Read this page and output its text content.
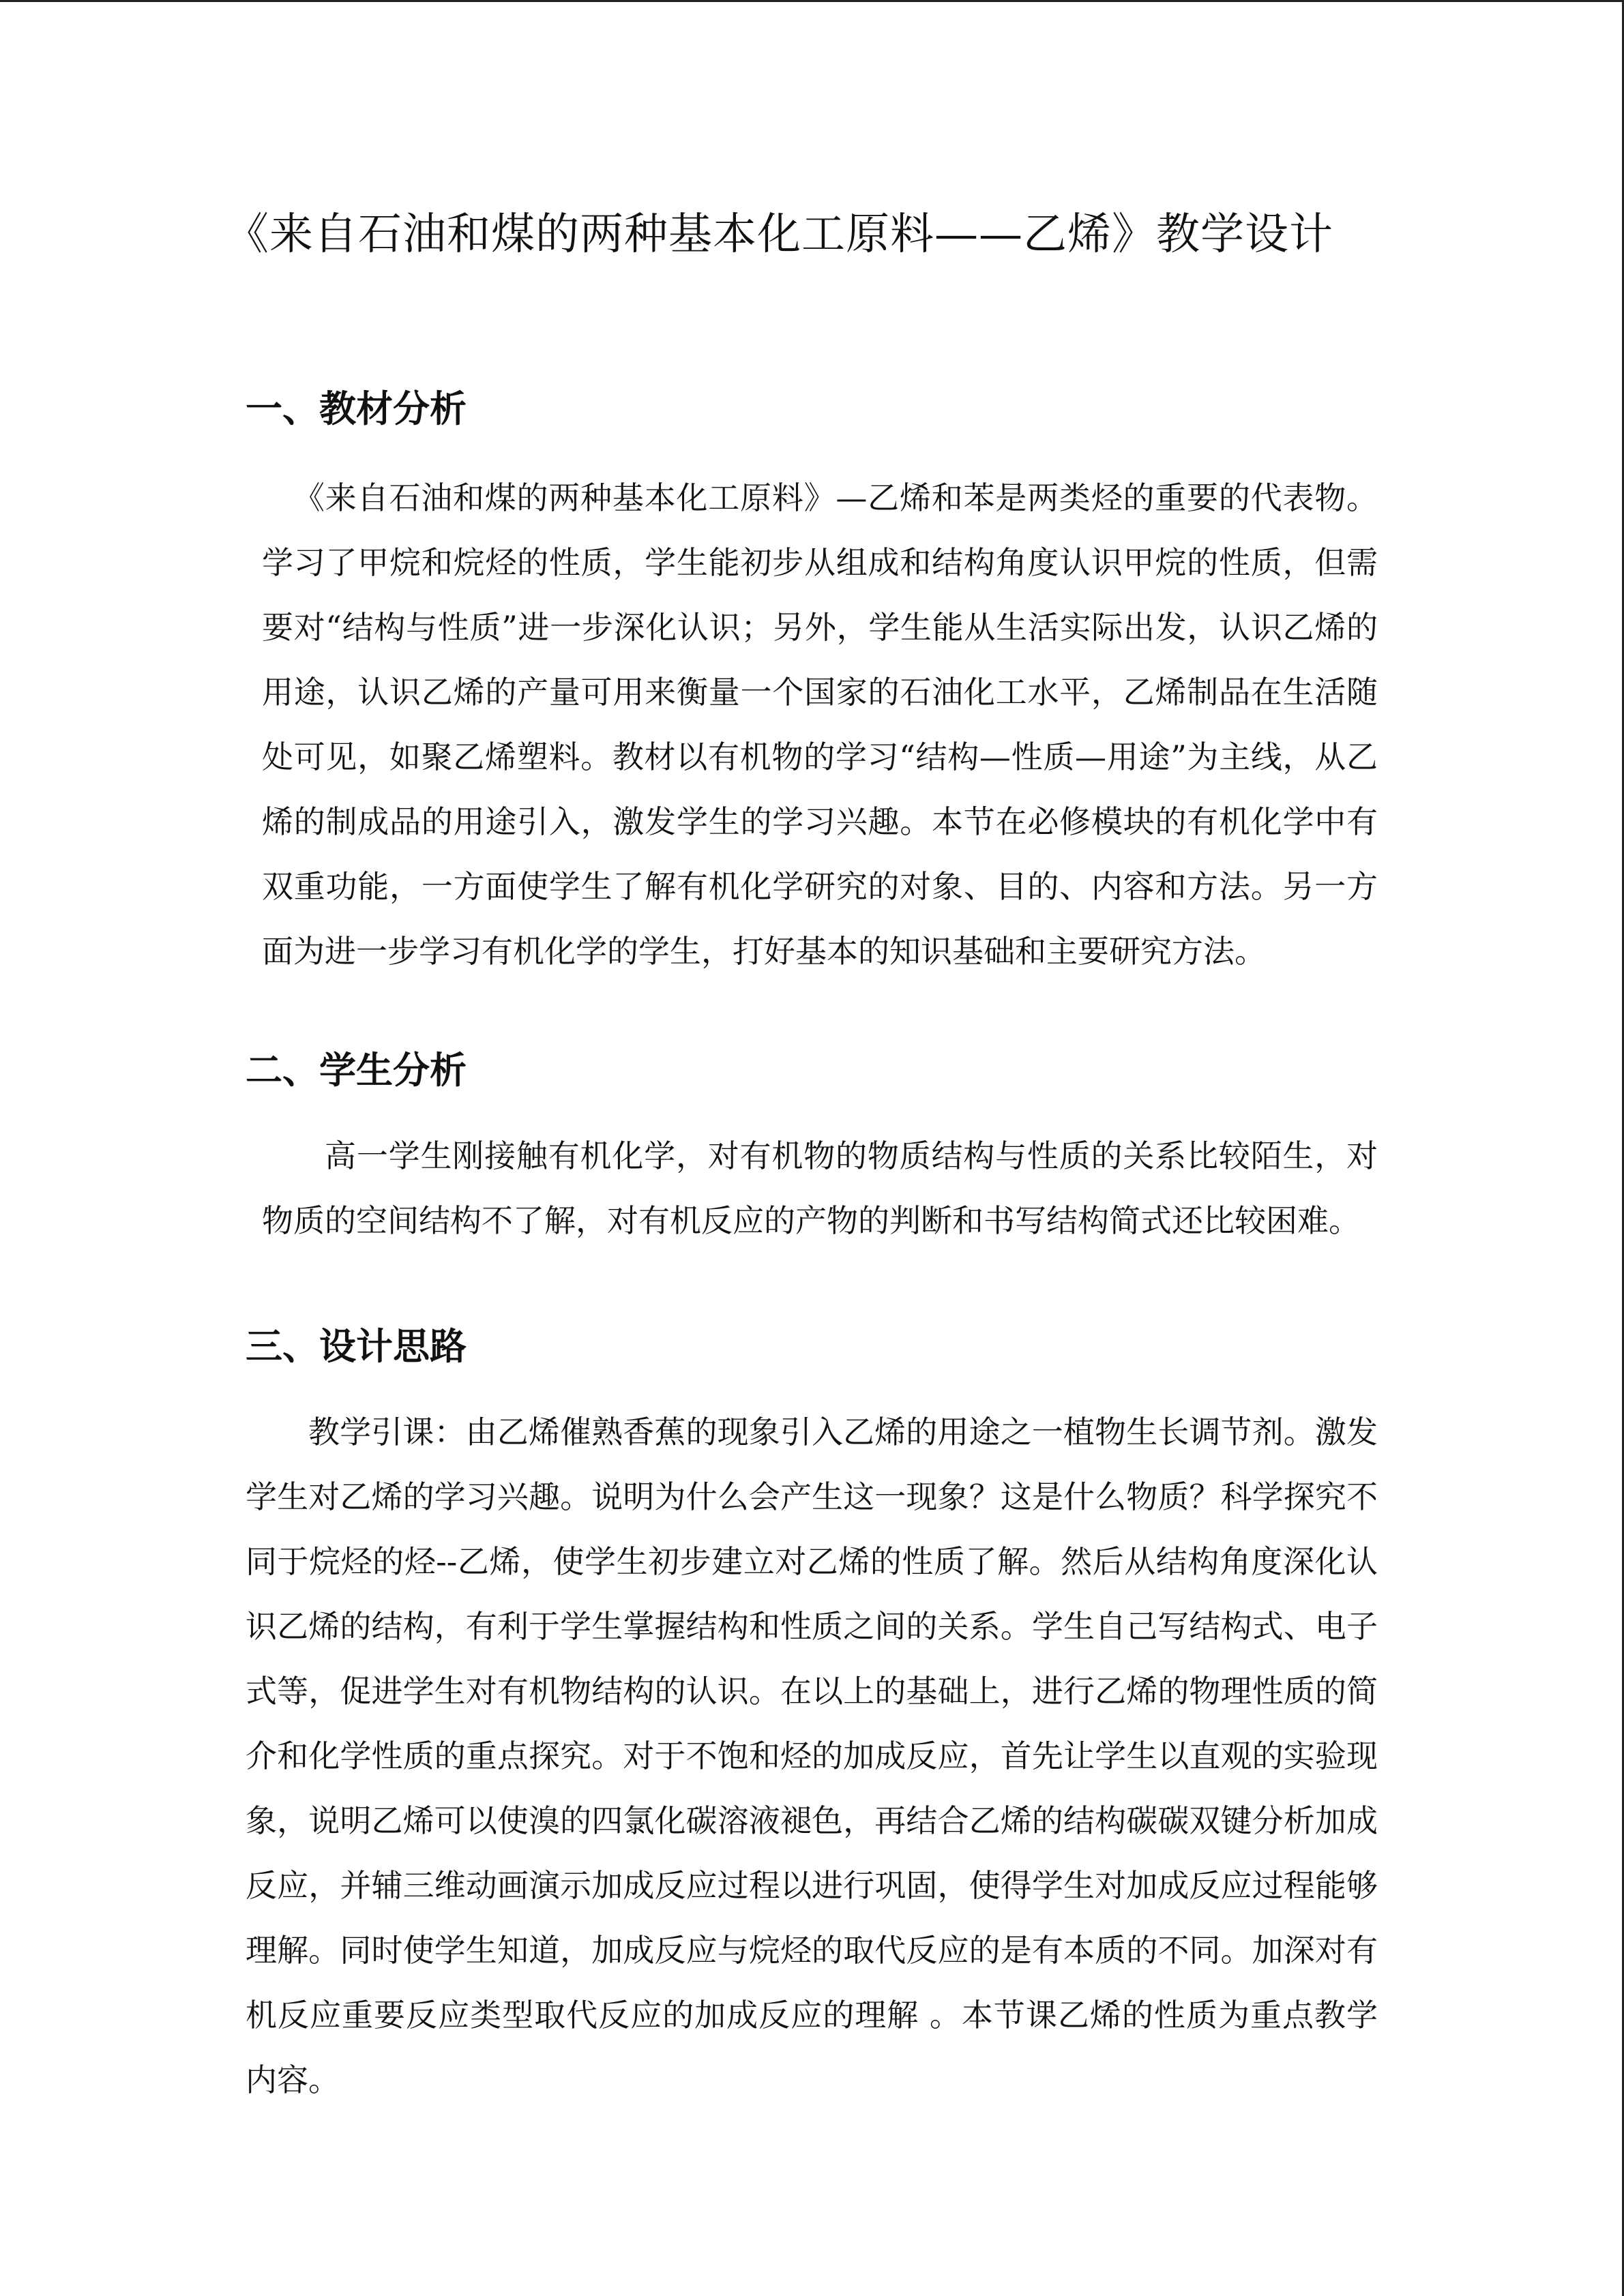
《来自石油和煤的两种基本化工原料——乙烯》教学设计
一、教材分析

《来自石油和煤的两种基本化工原料》—乙烯和苯是两类烃的重要的代表物。学习了甲烷和烷烃的性质，学生能初步从组成和结构角度认识甲烷的性质，但需要对“结构与性质”进一步深化认识；另外，学生能从生活实际出发，认识乙烯的用途，认识乙烯的产量可用来衡量一个国家的石油化工水平，乙烯制品在生活随处可见，如聚乙烯塑料。教材以有机物的学习“结构—性质—用途”为主线，从乙烯的制成品的用途引入，激发学生的学习兴趣。本节在必修模块的有机化学中有双重功能，一方面使学生了解有机化学研究的对象、目的、内容和方法。另一方面为进一步学习有机化学的学生，打好基本的知识基础和主要研究方法。

二、学生分析

高一学生刚接触有机化学，对有机物的物质结构与性质的关系比较陌生，对物质的空间结构不了解，对有机反应的产物的判断和书写结构简式还比较困难。

三、设计思路

教学引课：由乙烯催熟香蕉的现象引入乙烯的用途之一植物生长调节剂。激发学生对乙烯的学习兴趣。说明为什么会产生这一现象？这是什么物质？科学探究不同于烷烃的烃--乙烯，使学生初步建立对乙烯的性质了解。然后从结构角度深化认识乙烯的结构，有利于学生掌握结构和性质之间的关系。学生自己写结构式、电子式等，促进学生对有机物结构的认识。在以上的基础上，进行乙烯的物理性质的简介和化学性质的重点探究。对于不饱和烃的加成反应，首先让学生以直观的实验现象，说明乙烯可以使溴的四氯化碳溶液褪色，再结合乙烯的结构碳碳双键分析加成反应，并辅三维动画演示加成反应过程以进行巩固，使得学生对加成反应过程能够理解。同时使学生知道，加成反应与烷烃的取代反应的是有本质的不同。加深对有机反应重要反应类型取代反应的加成反应的理解 。本节课乙烯的性质为重点教学内容。
